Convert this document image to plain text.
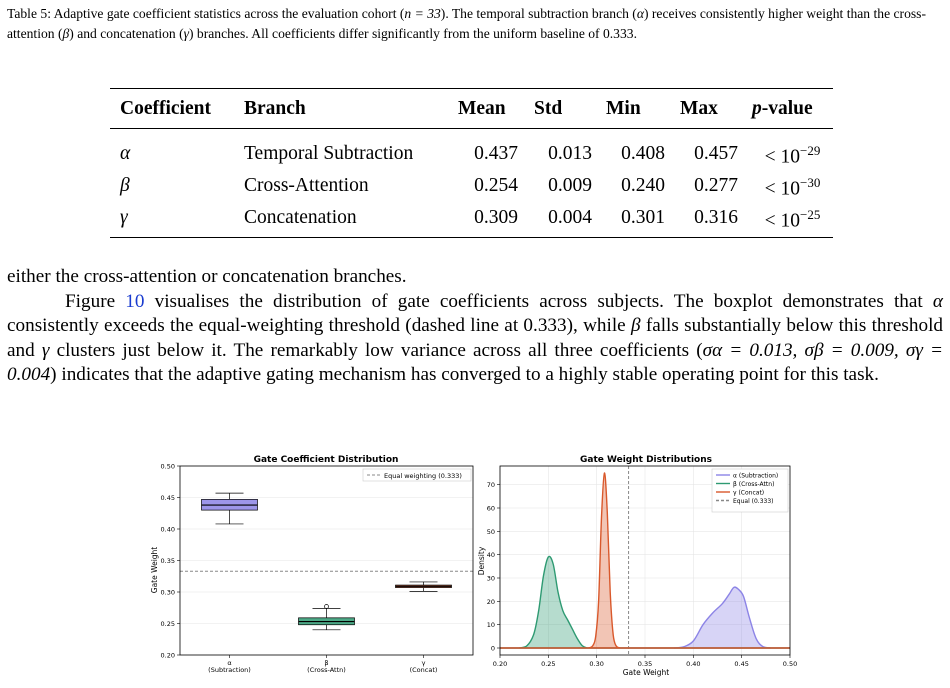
Table 5: Adaptive gate coefficient statistics across the evaluation cohort (n = 33). The temporal subtraction branch (α) receives consistently higher weight than the cross-attention (β) and concatenation (γ) branches. All coefficients differ significantly from the uniform baseline of 0.333.
Coefficient	Branch	Mean	Std	Min	Max	p-value
α	Temporal Subtraction	0.437	0.013	0.408	0.457	< $10^{-29}$
β	Cross-Attention	0.254	0.009	0.240	0.277	< $10^{-30}$
γ	Concatenation	0.309	0.004	0.301	0.316	< $10^{-25}$

either the cross-attention or concatenation branches.

Figure 10 visualises the distribution of gate coefficients across subjects. The boxplot demonstrates that α consistently exceeds the equal-weighting threshold (dashed line at 0.333), while β falls substantially below this threshold and γ clusters just below it. The remarkably low variance across all three coefficients (σα = 0.013, σβ = 0.009, σγ = 0.004) indicates that the adaptive gating mechanism has converged to a highly stable operating point for this task.

Gate Coefficient Distribution
Gate Weight
0.20
0.25
0.30
0.35
0.40
0.45
0.50
α
(Subtraction)
β
(Cross-Attn)
γ
(Concat)
Equal weighting (0.333)
Gate Weight Distributions
Density
Gate Weight
0
10
20
30
40
50
60
70
0.20	0.25	0.30	0.35	0.40	0.45	0.50
α (Subtraction)
β (Cross-Attn)
γ (Concat)
Equal (0.333)
